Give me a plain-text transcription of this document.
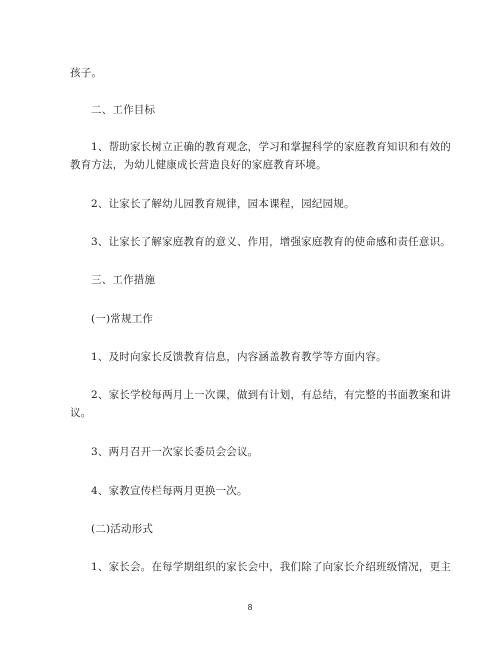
孩子。
二、工作目标
1、帮助家长树立正确的教育观念，学习和掌握科学的家庭教育知识和有效的
教育方法，为幼儿健康成长营造良好的家庭教育环境。
2、让家长了解幼儿园教育规律，园本课程，园纪园规。
3、让家长了解家庭教育的意义、作用，增强家庭教育的使命感和责任意识。
三、工作措施
(一)常规工作
1、及时向家长反馈教育信息，内容涵盖教育教学等方面内容。
2、家长学校每两月上一次课，做到有计划，有总结，有完整的书面教案和讲
议。
3、两月召开一次家长委员会会议。
4、家教宣传栏每两月更换一次。
(二)活动形式
1、家长会。在每学期组织的家长会中，我们除了向家长介绍班级情况，更主
8
